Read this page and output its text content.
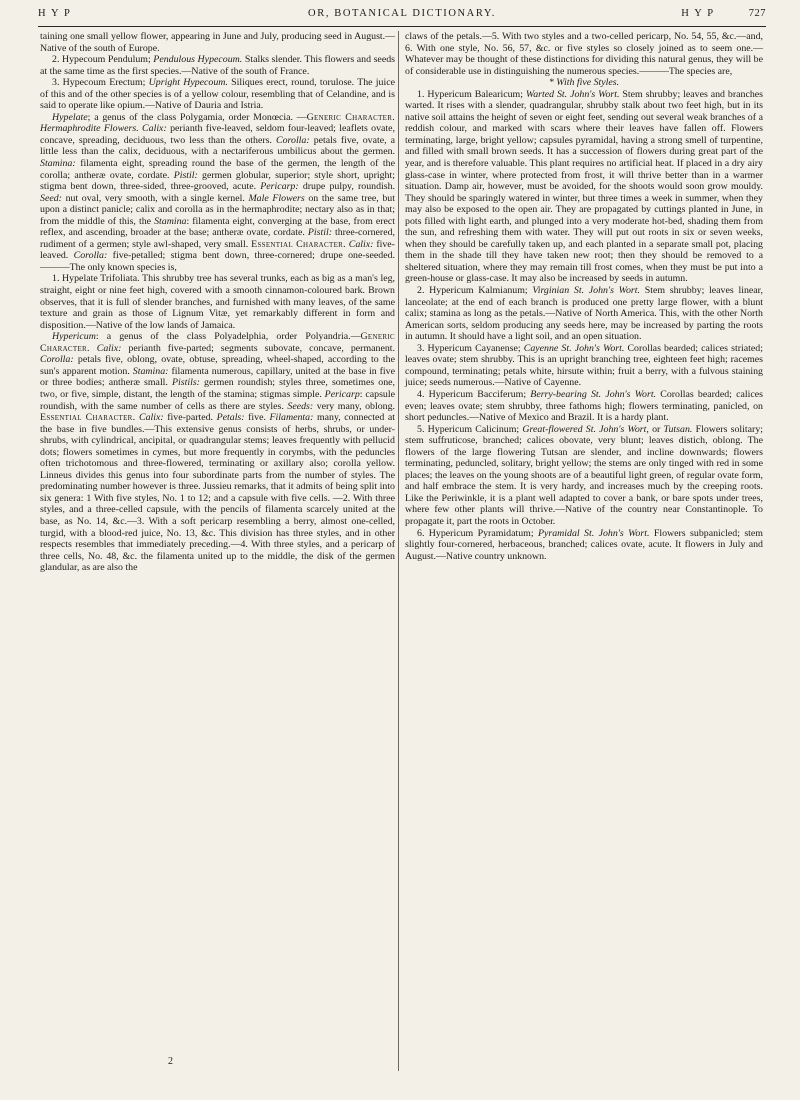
H Y P	OR, BOTANICAL DICTIONARY.	H Y P	727

taining one small yellow flower, appearing in June and July, producing seed in August.—Native of the south of Europe.

2. Hypecoum Pendulum; Pendulous Hypecoum. Stalks slender. This flowers and seeds at the same time as the first species.—Native of the south of France.

3. Hypecoum Erectum; Upright Hypecoum. Siliques erect, round, torulose. The juice of this and of the other species is of a yellow colour, resembling that of Celandine, and is said to operate like opium.—Native of Dauria and Istria.

Hypelate; a genus of the class Polygamia, order Monœcia. —Generic Character. Hermaphrodite Flowers. Calix: perianth five-leaved, seldom four-leaved; leaflets ovate, concave, spreading, deciduous, two less than the others. Corolla: petals five, ovate, a little less than the calix, deciduous, with a nectariferous umbilicus about the germen. Stamina: filamenta eight, spreading round the base of the germen, the length of the corolla; antheræ ovate, cordate. Pistil: germen globular, superior; style short, upright; stigma bent down, three-sided, three-grooved, acute. Pericarp: drupe pulpy, roundish. Seed: nut oval, very smooth, with a single kernel. Male Flowers on the same tree, but upon a distinct panicle; calix and corolla as in the hermaphrodite; nectary also as in that; from the middle of this, the Stamina: filamenta eight, converging at the base, from erect reflex, and ascending, broader at the base; antheræ ovate, cordate. Pistil: three-cornered, rudiment of a germen; style awl-shaped, very small. Essential Character. Calix: five-leaved. Corolla: five-petalled; stigma bent down, three-cornered; drupe one-seeded.———The only known species is,

1. Hypelate Trifoliata. This shrubby tree has several trunks, each as big as a man's leg, straight, eight or nine feet high, covered with a smooth cinnamon-coloured bark. Brown observes, that it is full of slender branches, and furnished with many leaves, of the same texture and grain as those of Lignum Vitæ, yet remarkably different in form and disposition.—Native of the low lands of Jamaica.

Hypericum: a genus of the class Polyadelphia, order Polyandria.—Generic Character. Calix: perianth five-parted; segments subovate, concave, permanent. Corolla: petals five, oblong, ovate, obtuse, spreading, wheel-shaped, according to the sun's apparent motion. Stamina: filamenta numerous, capillary, united at the base in five or three bodies; antheræ small. Pistils: germen roundish; styles three, sometimes one, two, or five, simple, distant, the length of the stamina; stigmas simple. Pericarp: capsule roundish, with the same number of cells as there are styles. Seeds: very many, oblong. Essential Character. Calix: five-parted. Petals: five. Filamenta: many, connected at the base in five bundles.—This extensive genus consists of herbs, shrubs, or under-shrubs, with cylindrical, ancipital, or quadrangular stems; leaves frequently with pellucid dots; flowers sometimes in cymes, but more frequently in corymbs, with the peduncles often trichotomous and three-flowered, terminating or axillary also; corolla yellow. Linneus divides this genus into four subordinate parts from the number of styles. The predominating number however is three. Jussieu remarks, that it admits of being split into six genera: 1 With five styles, No. 1 to 12; and a capsule with five cells. —2. With three styles, and a three-celled capsule, with the pencils of filamenta scarcely united at the base, as No. 14, &c.—3. With a soft pericarp resembling a berry, almost one-celled, turgid, with a blood-red juice, No. 13, &c. This division has three styles, and in other respects resembles that immediately preceding.—4. With three styles, and a pericarp of three cells, No. 48, &c. the filamenta united up to the middle, the disk of the germen glandular, as are also the

claws of the petals.—5. With two styles and a two-celled pericarp, No. 54, 55, &c.—and, 6. With one style, No. 56, 57, &c. or five styles so closely joined as to seem one.—Whatever may be thought of these distinctions for dividing this natural genus, they will be of considerable use in distinguishing the numerous species.———The species are,

* With five Styles.

1. Hypericum Balearicum; Warted St. John's Wort. Stem shrubby; leaves and branches warted. It rises with a slender, quadrangular, shrubby stalk about two feet high, but in its native soil attains the height of seven or eight feet, sending out several weak branches of a reddish colour, and marked with scars where their leaves have fallen off. Flowers terminating, large, bright yellow; capsules pyramidal, having a strong smell of turpentine, and filled with small brown seeds. It has a succession of flowers during great part of the year, and is therefore valuable. This plant requires no artificial heat. If placed in a dry airy glass-case in winter, where protected from frost, it will thrive better than in a warmer situation. Damp air, however, must be avoided, for the shoots would soon grow mouldy. They should be sparingly watered in winter, but three times a week in summer, when they may also be exposed to the open air. They are propagated by cuttings planted in June, in pots filled with light earth, and plunged into a very moderate hot-bed, shading them from the sun, and refreshing them with water. They will put out roots in six or seven weeks, when they should be carefully taken up, and each planted in a separate small pot, placing them in the shade till they have taken new root; then they should be removed to a sheltered situation, where they may remain till frost comes, when they must be put into a green-house or glass-case. It may also be increased by seeds in autumn.

2. Hypericum Kalmianum; Virginian St. John's Wort. Stem shrubby; leaves linear, lanceolate; at the end of each branch is produced one pretty large flower, with a blunt calix; stamina as long as the petals.—Native of North America. This, with the other North American sorts, seldom producing any seeds here, may be increased by parting the roots in autumn. It should have a light soil, and an open situation.

3. Hypericum Cayanense; Cayenne St. John's Wort. Corollas bearded; calices striated; leaves ovate; stem shrubby. This is an upright branching tree, eighteen feet high; racemes compound, terminating; petals white, hirsute within; fruit a berry, with a fulvous staining juice; seeds numerous.—Native of Cayenne.

4. Hypericum Bacciferum; Berry-bearing St. John's Wort. Corollas bearded; calices even; leaves ovate; stem shrubby, three fathoms high; flowers terminating, panicled, on short peduncles.—Native of Mexico and Brazil. It is a hardy plant.

5. Hypericum Calicinum; Great-flowered St. John's Wort, or Tutsan. Flowers solitary; stem suffruticose, branched; calices obovate, very blunt; leaves distich, oblong. The flowers of the large flowering Tutsan are slender, and incline downwards; flowers terminating, peduncled, solitary, bright yellow; the stems are only tinged with red in some places; the leaves on the young shoots are of a beautiful light green, of regular ovate form, and half embrace the stem. It is very hardy, and increases much by the creeping roots. Like the Periwinkle, it is a plant well adapted to cover a bank, or bare spots under trees, where few other plants will thrive.—Native of the country near Constantinople. To propagate it, part the roots in October.

6. Hypericum Pyramidatum; Pyramidal St. John's Wort. Flowers subpanicled; stem slightly four-cornered, herbaceous, branched; calices ovate, acute. It flowers in July and August.—Native country unknown.

2
